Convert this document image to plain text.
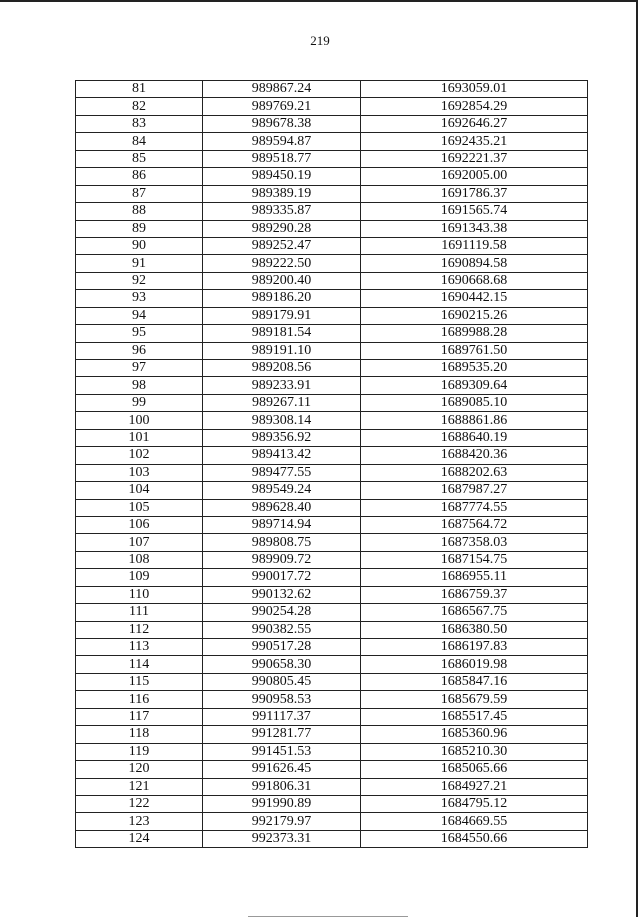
219
81	989867.24	1693059.01
82	989769.21	1692854.29
83	989678.38	1692646.27
84	989594.87	1692435.21
85	989518.77	1692221.37
86	989450.19	1692005.00
87	989389.19	1691786.37
88	989335.87	1691565.74
89	989290.28	1691343.38
90	989252.47	1691119.58
91	989222.50	1690894.58
92	989200.40	1690668.68
93	989186.20	1690442.15
94	989179.91	1690215.26
95	989181.54	1689988.28
96	989191.10	1689761.50
97	989208.56	1689535.20
98	989233.91	1689309.64
99	989267.11	1689085.10
100	989308.14	1688861.86
101	989356.92	1688640.19
102	989413.42	1688420.36
103	989477.55	1688202.63
104	989549.24	1687987.27
105	989628.40	1687774.55
106	989714.94	1687564.72
107	989808.75	1687358.03
108	989909.72	1687154.75
109	990017.72	1686955.11
110	990132.62	1686759.37
111	990254.28	1686567.75
112	990382.55	1686380.50
113	990517.28	1686197.83
114	990658.30	1686019.98
115	990805.45	1685847.16
116	990958.53	1685679.59
117	991117.37	1685517.45
118	991281.77	1685360.96
119	991451.53	1685210.30
120	991626.45	1685065.66
121	991806.31	1684927.21
122	991990.89	1684795.12
123	992179.97	1684669.55
124	992373.31	1684550.66
